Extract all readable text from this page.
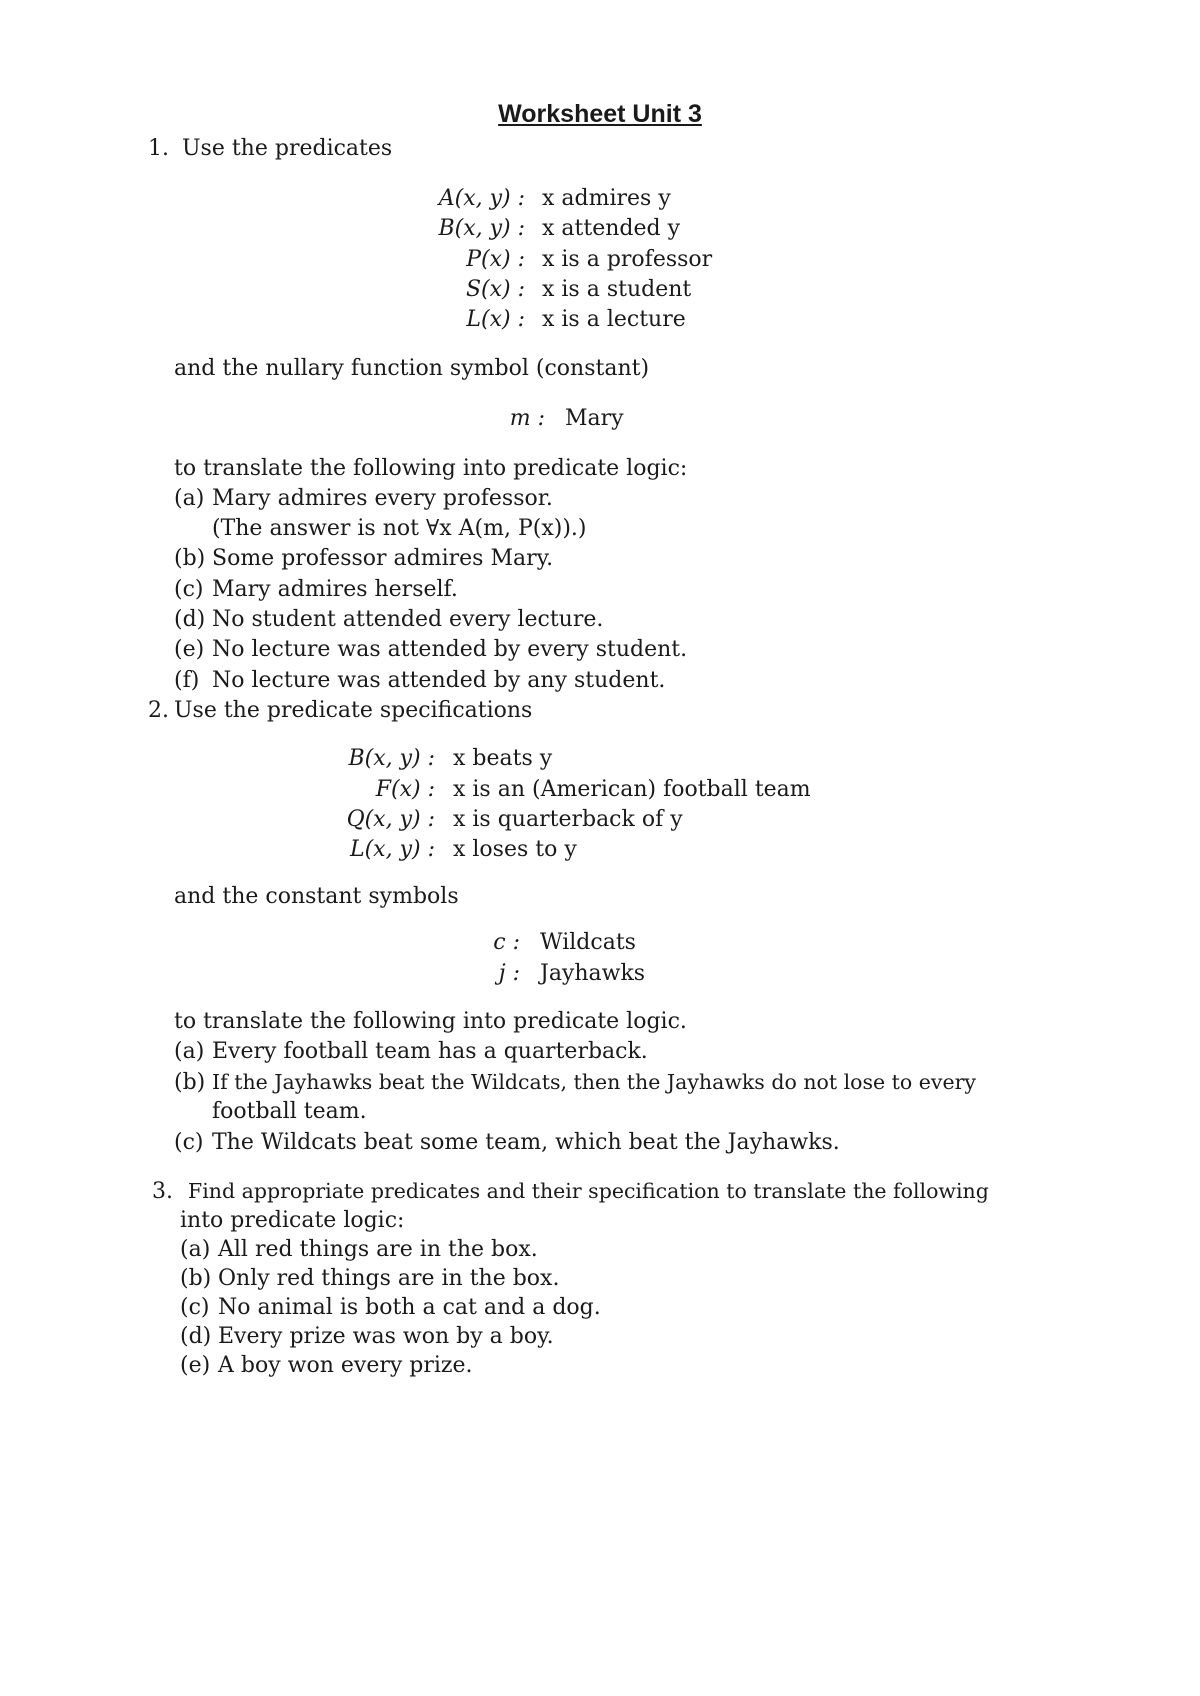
Worksheet Unit 3
1. Use the predicates
A(x, y) : x admires y
B(x, y) : x attended y
P(x) : x is a professor
S(x) : x is a student
L(x) : x is a lecture
and the nullary function symbol (constant)
m : Mary
to translate the following into predicate logic:
(a) Mary admires every professor.
(The answer is not ∀x A(m, P(x)).)
(b) Some professor admires Mary.
(c) Mary admires herself.
(d) No student attended every lecture.
(e) No lecture was attended by every student.
(f) No lecture was attended by any student.
2. Use the predicate specifications
B(x, y) : x beats y
F(x) : x is an (American) football team
Q(x, y) : x is quarterback of y
L(x, y) : x loses to y
and the constant symbols
c : Wildcats
j : Jayhawks
to translate the following into predicate logic.
(a) Every football team has a quarterback.
(b) If the Jayhawks beat the Wildcats, then the Jayhawks do not lose to every
football team.
(c) The Wildcats beat some team, which beat the Jayhawks.
3. Find appropriate predicates and their specification to translate the following
into predicate logic:
(a) All red things are in the box.
(b) Only red things are in the box.
(c) No animal is both a cat and a dog.
(d) Every prize was won by a boy.
(e) A boy won every prize.
